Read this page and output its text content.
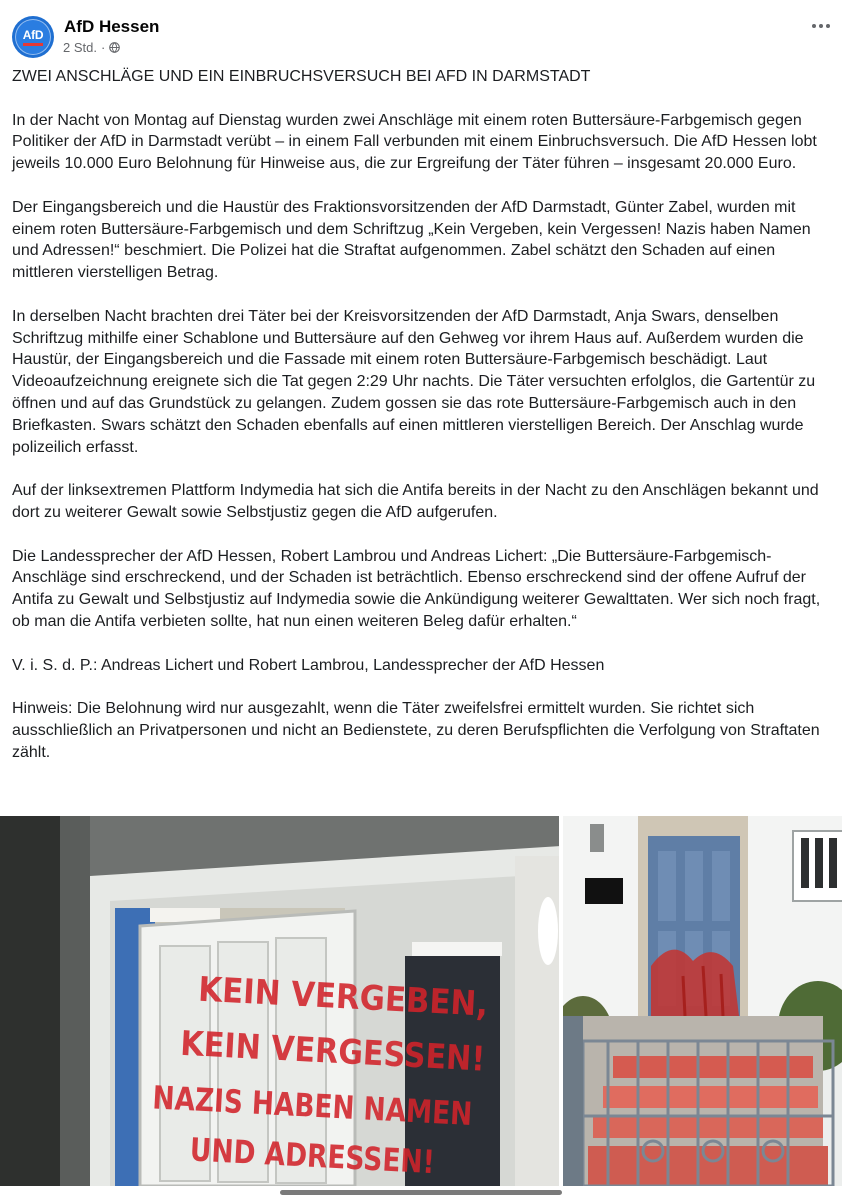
AfD AfD Hessen
2 Std. ·

ZWEI ANSCHLÄGE UND EIN EINBRUCHSVERSUCH BEI AFD IN DARMSTADT

In der Nacht von Montag auf Dienstag wurden zwei Anschläge mit einem roten Buttersäure-Farbgemisch gegen Politiker der AfD in Darmstadt verübt – in einem Fall verbunden mit einem Einbruchsversuch. Die AfD Hessen lobt jeweils 10.000 Euro Belohnung für Hinweise aus, die zur Ergreifung der Täter führen – insgesamt 20.000 Euro.

Der Eingangsbereich und die Haustür des Fraktionsvorsitzenden der AfD Darmstadt, Günter Zabel, wurden mit einem roten Buttersäure-Farbgemisch und dem Schriftzug „Kein Vergeben, kein Vergessen! Nazis haben Namen und Adressen!“ beschmiert. Die Polizei hat die Straftat aufgenommen. Zabel schätzt den Schaden auf einen mittleren vierstelligen Betrag.

In derselben Nacht brachten drei Täter bei der Kreisvorsitzenden der AfD Darmstadt, Anja Swars, denselben Schriftzug mithilfe einer Schablone und Buttersäure auf den Gehweg vor ihrem Haus auf. Außerdem wurden die Haustür, der Eingangsbereich und die Fassade mit einem roten Buttersäure-Farbgemisch beschädigt. Laut Videoaufzeichnung ereignete sich die Tat gegen 2:29 Uhr nachts. Die Täter versuchten erfolglos, die Gartentür zu öffnen und auf das Grundstück zu gelangen. Zudem gossen sie das rote Buttersäure-Farbgemisch auch in den Briefkasten. Swars schätzt den Schaden ebenfalls auf einen mittleren vierstelligen Bereich. Der Anschlag wurde polizeilich erfasst.

Auf der linksextremen Plattform Indymedia hat sich die Antifa bereits in der Nacht zu den Anschlägen bekannt und dort zu weiterer Gewalt sowie Selbstjustiz gegen die AfD aufgerufen.

Die Landessprecher der AfD Hessen, Robert Lambrou und Andreas Lichert: „Die Buttersäure-Farbgemisch-Anschläge sind erschreckend, und der Schaden ist beträchtlich. Ebenso erschreckend sind der offene Aufruf der Antifa zu Gewalt und Selbstjustiz auf Indymedia sowie die Ankündigung weiterer Gewalttaten. Wer sich noch fragt, ob man die Antifa verbieten sollte, hat nun einen weiteren Beleg dafür erhalten.“

V. i. S. d. P.: Andreas Lichert und Robert Lambrou, Landessprecher der AfD Hessen

Hinweis: Die Belohnung wird nur ausgezahlt, wenn die Täter zweifelsfrei ermittelt wurden. Sie richtet sich ausschließlich an Privatpersonen und nicht an Bedienstete, zu deren Berufspflichten die Verfolgung von Straftaten zählt.

KEIN VERGEBEN,
KEIN VERGESSEN!
NAZIS HABEN NAMEN
UND ADRESSEN!
